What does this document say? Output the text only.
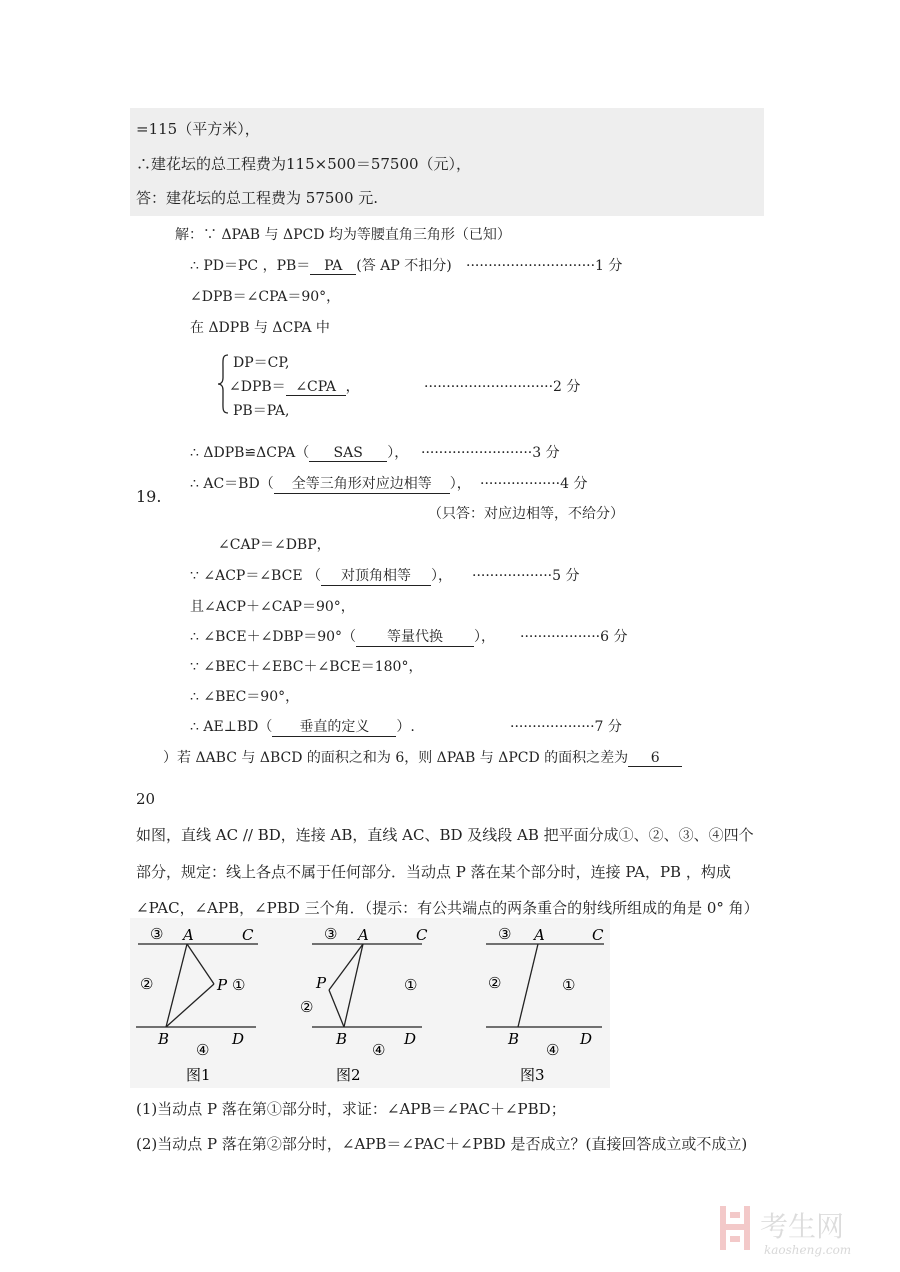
=115（平方米），
∴建花坛的总工程费为115×500＝57500（元），
答：建花坛的总工程费为 57500 元.
19.
解：∵ ΔPAB 与 ΔPCD 均为等腰直角三角形（已知）
∴ PD＝PC ，PB＝ PA (答 AP 不扣分) ·····························1 分
∠DPB＝∠CPA＝90°，
在 ΔDPB 与 ΔCPA 中
DP＝CP,
∠DPB＝ ∠CPA ，	·····························2 分
PB＝PA,
∴ ΔDPB≌ΔCPA（ SAS ）， ·························3 分
∴ AC＝BD（ 全等三角形对应边相等 ）， ··················4 分
（只答：对应边相等，不给分）
∠CAP＝∠DBP，
∵ ∠ACP＝∠BCE （ 对顶角相等 ）， ··················5 分
且∠ACP＋∠CAP＝90°，
∴ ∠BCE＋∠DBP＝90°（ 等量代换 ）， ··················6 分
∵ ∠BEC＋∠EBC＋∠BCE＝180°，
∴ ∠BEC＝90°，
∴ AE⊥BD（ 垂直的定义 ）.	···················7 分
）若 ΔABC 与 ΔBCD 的面积之和为 6，则 ΔPAB 与 ΔPCD 的面积之差为 6
20
如图，直线 AC // BD，连接 AB，直线 AC、BD 及线段 AB 把平面分成①、②、③、④四个
部分，规定：线上各点不属于任何部分．当动点 P 落在某个部分时，连接 PA，PB ，构成
∠PAC，∠APB，∠PBD 三个角．（提示：有公共端点的两条重合的射线所组成的角是 0° 角）
③ A	C
②	P ①
B
④
D
图1
③ A	C
P
②
①
B
④
D
图2
③ A	C
②	①
B
④
D
图3
(1)当动点 P 落在第①部分时，求证：∠APB＝∠PAC＋∠PBD；
(2)当动点 P 落在第②部分时，∠APB＝∠PAC＋∠PBD 是否成立？(直接回答成立或不成立)
考生网
kaosheng.com
